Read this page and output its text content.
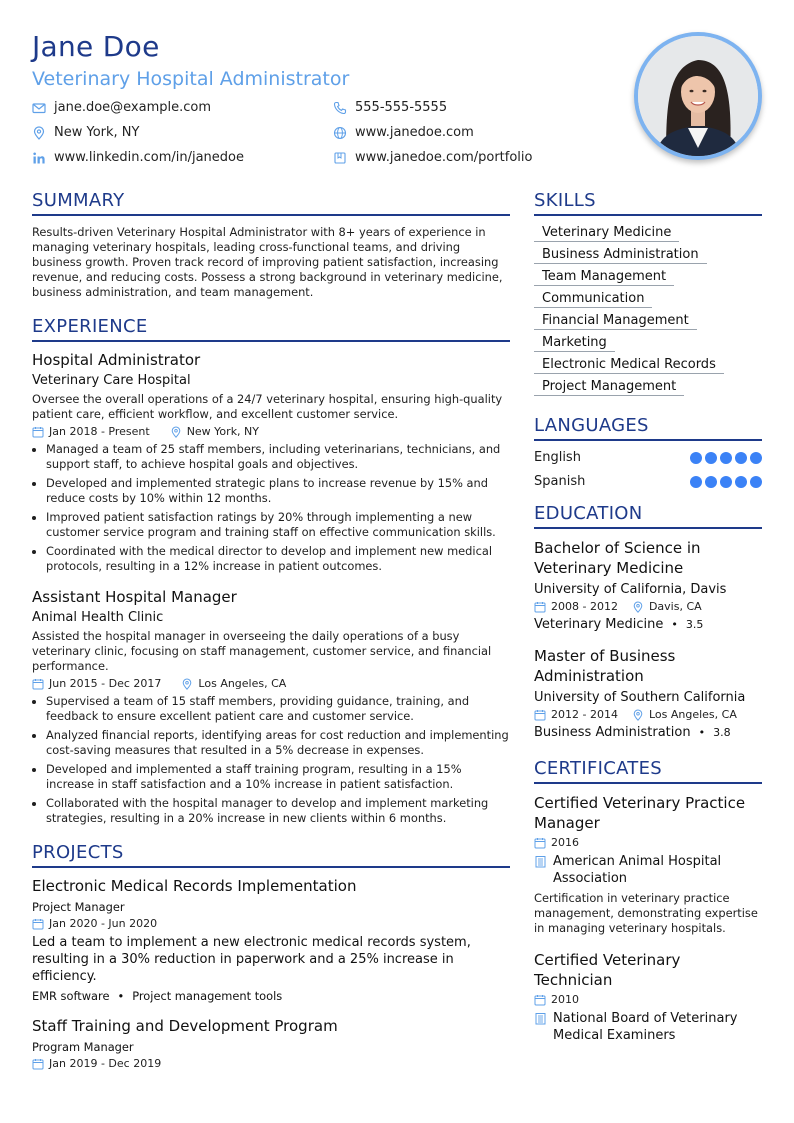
Jane Doe
Veterinary Hospital Administrator
jane.doe@example.com
New York, NY
www.linkedin.com/in/janedoe
555-555-5555
www.janedoe.com
www.janedoe.com/portfolio
SUMMARY

Results-driven Veterinary Hospital Administrator with 8+ years of experience in managing veterinary hospitals, leading cross-functional teams, and driving business growth. Proven track record of improving patient satisfaction, increasing revenue, and reducing costs. Possess a strong background in veterinary medicine, business administration, and team management.

EXPERIENCE
Hospital Administrator
Veterinary Care Hospital

Oversee the overall operations of a 24/7 veterinary hospital, ensuring high-quality patient care, efficient workflow, and excellent customer service.

Jan 2018 - Present	New York, NY
• Managed a team of 25 staff members, including veterinarians, technicians, and support staff, to achieve hospital goals and objectives.
• Developed and implemented strategic plans to increase revenue by 15% and reduce costs by 10% within 12 months.
• Improved patient satisfaction ratings by 20% through implementing a new customer service program and training staff on effective communication skills.
• Coordinated with the medical director to develop and implement new medical protocols, resulting in a 12% increase in patient outcomes.
Assistant Hospital Manager
Animal Health Clinic

Assisted the hospital manager in overseeing the daily operations of a busy veterinary clinic, focusing on staff management, customer service, and financial performance.

Jun 2015 - Dec 2017	Los Angeles, CA
• Supervised a team of 15 staff members, providing guidance, training, and feedback to ensure excellent patient care and customer service.
• Analyzed financial reports, identifying areas for cost reduction and implementing cost-saving measures that resulted in a 5% decrease in expenses.
• Developed and implemented a staff training program, resulting in a 15% increase in staff satisfaction and a 10% increase in patient satisfaction.
• Collaborated with the hospital manager to develop and implement marketing strategies, resulting in a 20% increase in new clients within 6 months.
PROJECTS
Electronic Medical Records Implementation
Project Manager
Jan 2020 - Jun 2020

Led a team to implement a new electronic medical records system, resulting in a 30% reduction in paperwork and a 25% increase in efficiency.

EMR software • Project management tools
Staff Training and Development Program
Program Manager
Jan 2019 - Dec 2019
SKILLS
Veterinary Medicine
Business Administration
Team Management
Communication
Financial Management
Marketing
Electronic Medical Records
Project Management
LANGUAGES
English
Spanish
EDUCATION
Bachelor of Science in Veterinary Medicine
University of California, Davis
2008 - 2012	Davis, CA
Veterinary Medicine • 3.5
Master of Business Administration
University of Southern California
2012 - 2014	Los Angeles, CA
Business Administration • 3.8
CERTIFICATES
Certified Veterinary Practice Manager
2016
American Animal Hospital Association

Certification in veterinary practice management, demonstrating expertise in managing veterinary hospitals.

Certified Veterinary Technician
2010
National Board of Veterinary Medical Examiners
